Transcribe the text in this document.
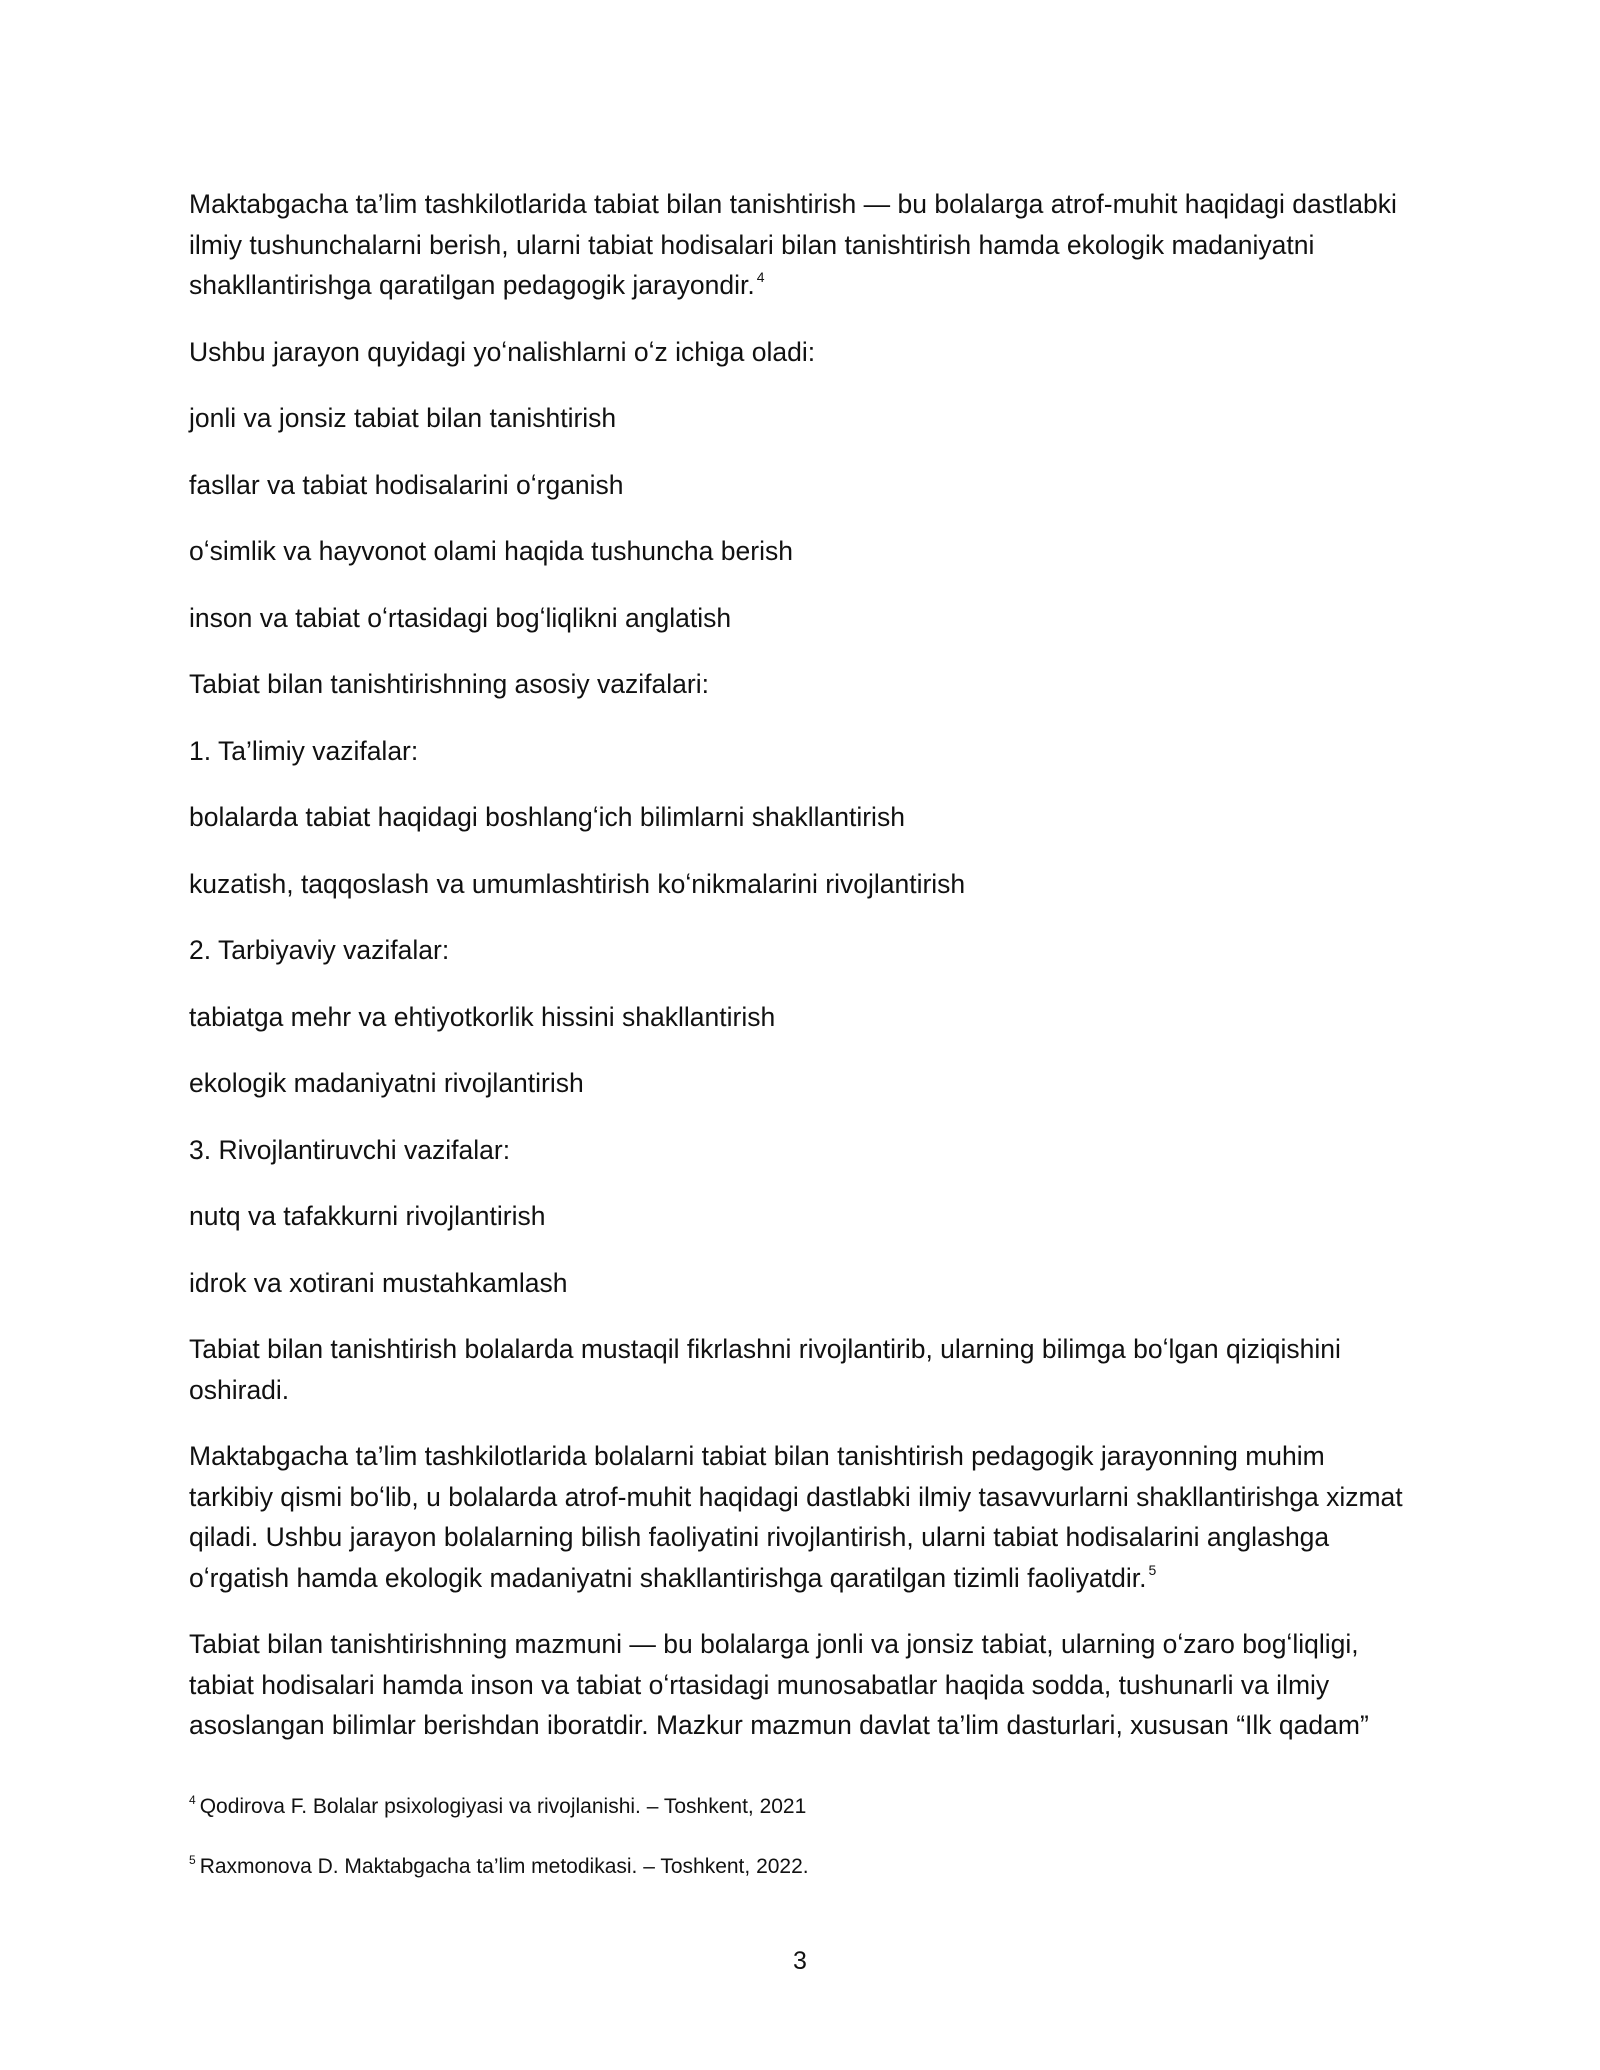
Maktabgacha ta’lim tashkilotlarida tabiat bilan tanishtirish — bu bolalarga atrof-muhit haqidagi dastlabki ilmiy tushunchalarni berish, ularni tabiat hodisalari bilan tanishtirish hamda ekologik madaniyatni shakllantirishga qaratilgan pedagogik jarayondir. $^4$

Ushbu jarayon quyidagi yoʻnalishlarni oʻz ichiga oladi:

jonli va jonsiz tabiat bilan tanishtirish

fasllar va tabiat hodisalarini oʻrganish

oʻsimlik va hayvonot olami haqida tushuncha berish

inson va tabiat oʻrtasidagi bogʻliqlikni anglatish

Tabiat bilan tanishtirishning asosiy vazifalari:

1. Ta’limiy vazifalar:

bolalarda tabiat haqidagi boshlangʻich bilimlarni shakllantirish

kuzatish, taqqoslash va umumlashtirish koʻnikmalarini rivojlantirish

2. Tarbiyaviy vazifalar:

tabiatga mehr va ehtiyotkorlik hissini shakllantirish

ekologik madaniyatni rivojlantirish

3. Rivojlantiruvchi vazifalar:

nutq va tafakkurni rivojlantirish

idrok va xotirani mustahkamlash

Tabiat bilan tanishtirish bolalarda mustaqil fikrlashni rivojlantirib, ularning bilimga boʻlgan qiziqishini oshiradi.

Maktabgacha ta’lim tashkilotlarida bolalarni tabiat bilan tanishtirish pedagogik jarayonning muhim tarkibiy qismi boʻlib, u bolalarda atrof-muhit haqidagi dastlabki ilmiy tasavvurlarni shakllantirishga xizmat qiladi. Ushbu jarayon bolalarning bilish faoliyatini rivojlantirish, ularni tabiat hodisalarini anglashga oʻrgatish hamda ekologik madaniyatni shakllantirishga qaratilgan tizimli faoliyatdir. $^5$

Tabiat bilan tanishtirishning mazmuni — bu bolalarga jonli va jonsiz tabiat, ularning oʻzaro bogʻliqligi, tabiat hodisalari hamda inson va tabiat oʻrtasidagi munosabatlar haqida sodda, tushunarli va ilmiy asoslangan bilimlar berishdan iboratdir. Mazkur mazmun davlat ta’lim dasturlari, xususan “Ilk qadam”

$^4$ Qodirova F. Bolalar psixologiyasi va rivojlanishi. – Toshkent, 2021

$^5$ Raxmonova D. Maktabgacha ta’lim metodikasi. – Toshkent, 2022.

3
